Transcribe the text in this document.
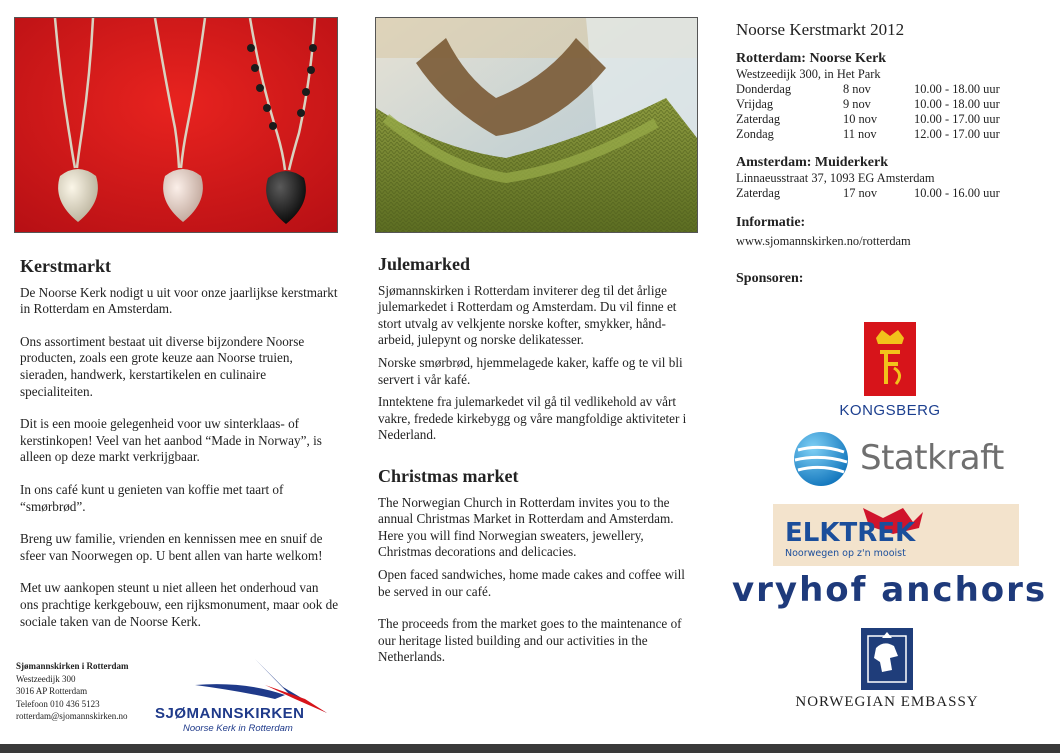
Kerstmarkt

De Noorse Kerk nodigt u uit voor onze jaarlijkse kerstmarkt in Rotterdam en Amsterdam.

Ons assortiment bestaat uit diverse bijzondere Noorse producten, zoals een grote keuze aan Noorse truien, sieraden, handwerk, kerstartikelen en culinaire specialiteiten.

Dit is een mooie gelegenheid voor uw sinterklaas- of kerstinkopen! Veel van het aanbod “Made in Norway”, is alleen op deze markt verkrijgbaar.

In ons café kunt u genieten van koffie met taart of “smørbrød”.

Breng uw familie, vrienden en kennissen mee en snuif de sfeer van Noorwegen op. U bent allen van harte welkom!

Met uw aankopen steunt u niet alleen het onderhoud van ons prachtige kerkgebouw, een rijksmonument, maar ook de sociale taken van de Noorse Kerk.

Sjømannskirken i Rotterdam
Westzeedijk 300
3016 AP Rotterdam
Telefoon 010 436 5123
rotterdam@sjomannskirken.no SJØMANNSKIRKEN
Noorse Kerk in Rotterdam
Julemarked

Sjømannskirken i Rotterdam inviterer deg til det årlige julemarkedet i Rotterdam og Amsterdam. Du vil finne et stort utvalg av velkjente norske kofter, smykker, hånd-arbeid, julepynt og norske delikatesser.

Norske smørbrød, hjemmelagede kaker, kaffe og te vil bli servert i vår kafé.

Inntektene fra julemarkedet vil gå til vedlikehold av vårt vakre, fredede kirkebygg og våre mangfoldige aktiviteter i Nederland.

Christmas market

The Norwegian Church in Rotterdam invites you to the annual Christmas Market in Rotterdam and Amsterdam. Here you will find Norwegian sweaters, jewellery, Christmas decorations and delicacies.

Open faced sandwiches, home made cakes and coffee will be served in our café.

The proceeds from the market goes to the maintenance of our heritage listed building and our activities in the Netherlands.

Noorse Kerstmarkt 2012
Rotterdam: Noorse Kerk
Westzeedijk 300, in Het Park
Donderdag	8 nov	10.00 - 18.00 uur
Vrijdag	9 nov	10.00 - 18.00 uur
Zaterdag	10 nov	10.00 - 17.00 uur
Zondag	11 nov	12.00 - 17.00 uur
Amsterdam: Muiderkerk
Linnaeusstraat 37, 1093 EG Amsterdam
Zaterdag	17 nov	10.00 - 16.00 uur
Informatie:
www.sjomannskirken.no/rotterdam
Sponsoren:
KONGSBERG
Statkraft
ELKTREK
Noorwegen op z'n mooist
vryhof anchors
NORWEGIAN EMBASSY
